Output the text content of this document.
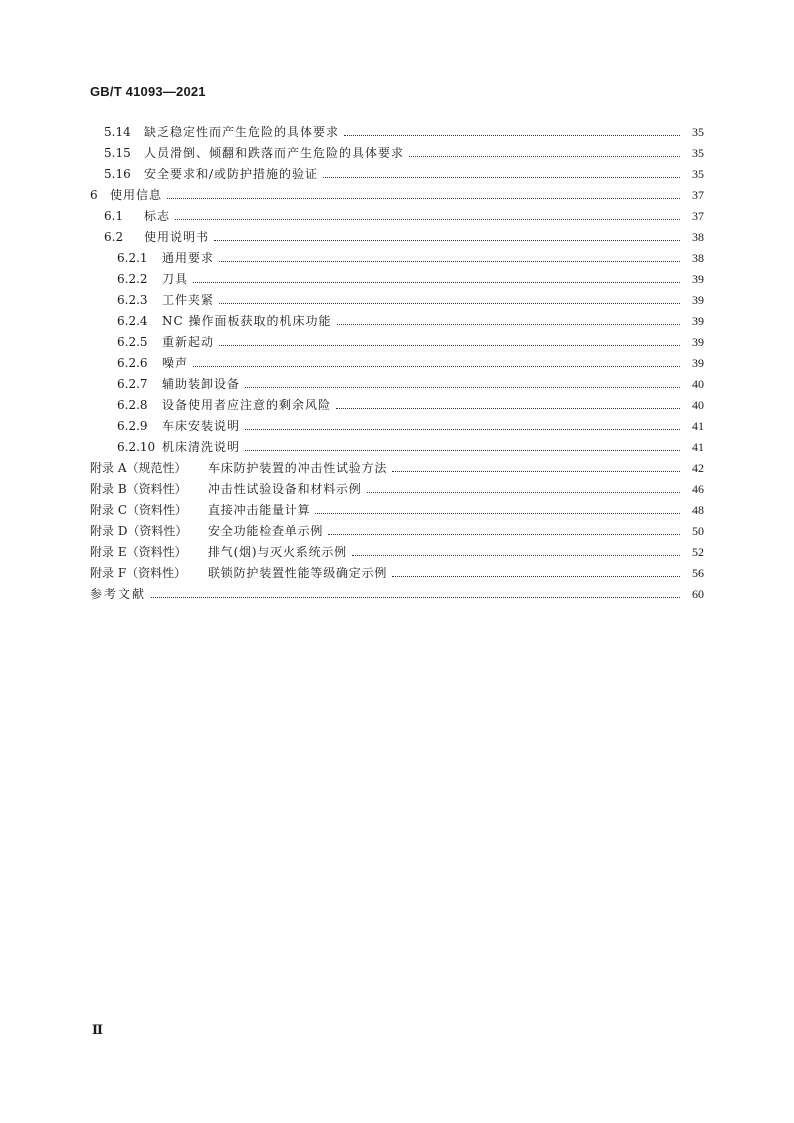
GB/T 41093—2021
5.14	缺乏稳定性而产生危险的具体要求	35
5.15	人员滑倒、倾翻和跌落而产生危险的具体要求	35
5.16	安全要求和/或防护措施的验证	35
6	使用信息	37
6.1	标志	37
6.2	使用说明书	38
6.2.1	通用要求	38
6.2.2	刀具	39
6.2.3	工件夹紧	39
6.2.4	NC 操作面板获取的机床功能	39
6.2.5	重新起动	39
6.2.6	噪声	39
6.2.7	辅助装卸设备	40
6.2.8	设备使用者应注意的剩余风险	40
6.2.9	车床安装说明	41
6.2.10 机床清洗说明	41
附录 A（规范性）	车床防护装置的冲击性试验方法	42
附录 B（资料性）	冲击性试验设备和材料示例	46
附录 C（资料性）	直接冲击能量计算	48
附录 D（资料性）	安全功能检查单示例	50
附录 E（资料性）	排气(烟)与灭火系统示例	52
附录 F（资料性）	联锁防护装置性能等级确定示例	56
参考文献	60
Ⅱ
